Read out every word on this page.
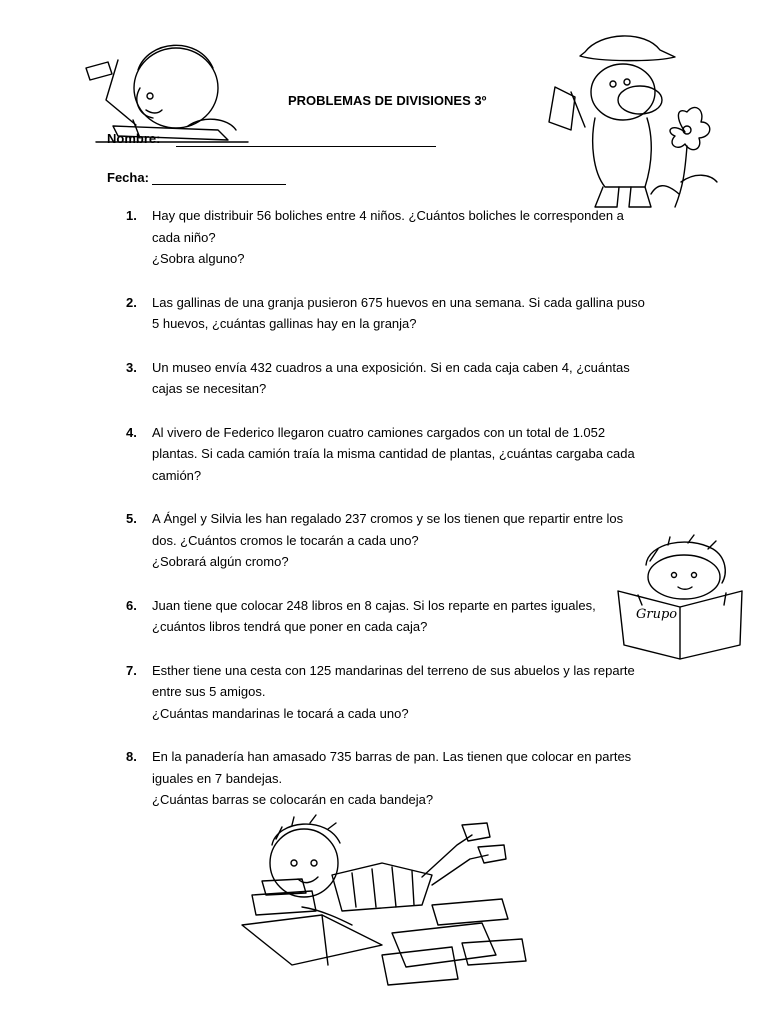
PROBLEMAS DE DIVISIONES 3º
Nombre:
Fecha:
1. Hay que distribuir 56 boliches entre 4 niños. ¿Cuántos boliches le corresponden a
cada niño?
¿Sobra alguno?
2. Las gallinas de una granja pusieron 675 huevos en una semana. Si cada gallina puso
5 huevos, ¿cuántas gallinas hay en la granja?
3. Un museo envía 432 cuadros a una exposición. Si en cada caja caben 4, ¿cuántas
cajas se necesitan?
4. Al vivero de Federico llegaron cuatro camiones cargados con un total de 1.052
plantas. Si cada camión traía la misma cantidad de plantas, ¿cuántas cargaba cada
camión?
5. A Ángel y Silvia les han regalado 237 cromos y se los tienen que repartir entre los
dos. ¿Cuántos cromos le tocarán a cada uno?
¿Sobrará algún cromo?
6. Juan tiene que colocar 248 libros en 8 cajas. Si los reparte en partes iguales,
¿cuántos libros tendrá que poner en cada caja?
7. Esther tiene una cesta con 125 mandarinas del terreno de sus abuelos y las reparte
entre sus 5 amigos.
¿Cuántas mandarinas le tocará a cada uno?
8. En la panadería han amasado 735 barras de pan. Las tienen que colocar en partes
iguales en 7 bandejas.
¿Cuántas barras se colocarán en cada bandeja?
Grupo
